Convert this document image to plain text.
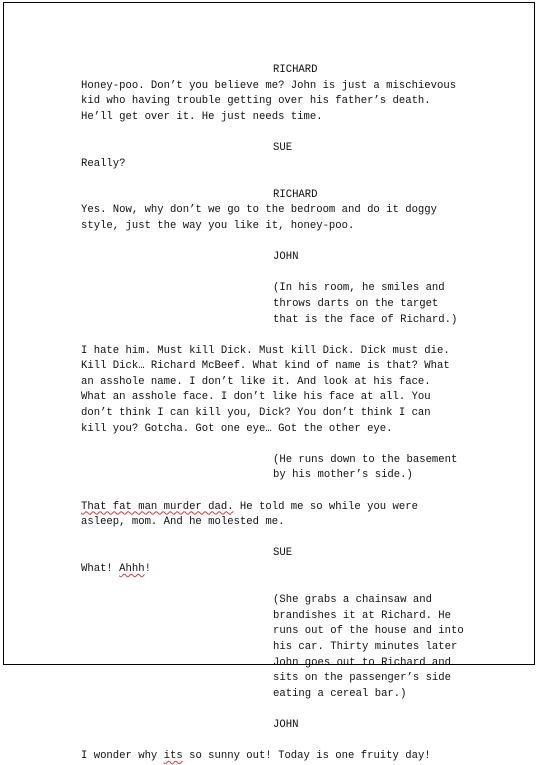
RICHARD
Honey-poo. Don’t you believe me? John is just a mischievous
kid who having trouble getting over his father’s death.
He’ll get over it. He just needs time.
SUE
Really?
RICHARD
Yes. Now, why don’t we go to the bedroom and do it doggy
style, just the way you like it, honey-poo.
JOHN
(In his room, he smiles and
throws darts on the target
that is the face of Richard.)
I hate him. Must kill Dick. Must kill Dick. Dick must die.
Kill Dick… Richard McBeef. What kind of name is that? What
an asshole name. I don’t like it. And look at his face.
What an asshole face. I don’t like his face at all. You
don’t think I can kill you, Dick? You don’t think I can
kill you? Gotcha. Got one eye… Got the other eye.
(He runs down to the basement
by his mother’s side.)
That fat man murder dad. He told me so while you were
asleep, mom. And he molested me.
SUE
What! Ahhh!
(She grabs a chainsaw and
brandishes it at Richard. He
runs out of the house and into
his car. Thirty minutes later
John goes out to Richard and
sits on the passenger’s side
eating a cereal bar.)
JOHN
I wonder why its so sunny out! Today is one fruity day!
